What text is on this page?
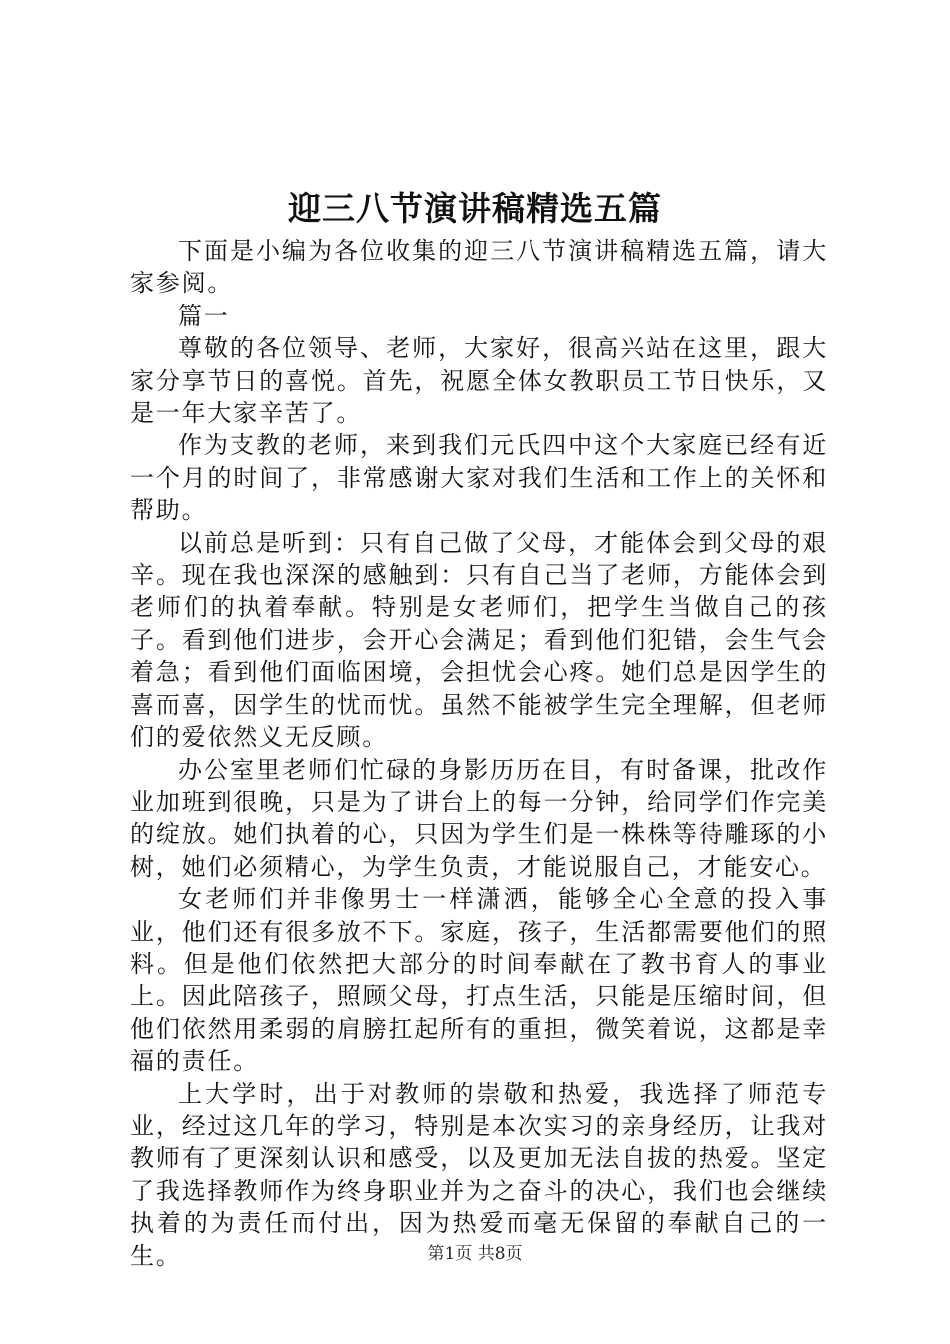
迎三八节演讲稿精选五篇

下面是小编为各位收集的迎三八节演讲稿精选五篇，请大家参阅。

篇一

尊敬的各位领导、老师，大家好，很高兴站在这里，跟大家分享节日的喜悦。首先，祝愿全体女教职员工节日快乐，又是一年大家辛苦了。

作为支教的老师，来到我们元氏四中这个大家庭已经有近一个月的时间了，非常感谢大家对我们生活和工作上的关怀和帮助。

以前总是听到：只有自己做了父母，才能体会到父母的艰辛。现在我也深深的感触到：只有自己当了老师，方能体会到老师们的执着奉献。特别是女老师们，把学生当做自己的孩子。看到他们进步，会开心会满足；看到他们犯错，会生气会着急；看到他们面临困境，会担忧会心疼。她们总是因学生的喜而喜，因学生的忧而忧。虽然不能被学生完全理解，但老师们的爱依然义无反顾。

办公室里老师们忙碌的身影历历在目，有时备课，批改作业加班到很晚，只是为了讲台上的每一分钟，给同学们作完美的绽放。她们执着的心，只因为学生们是一株株等待雕琢的小树，她们必须精心，为学生负责，才能说服自己，才能安心。

女老师们并非像男士一样潇洒，能够全心全意的投入事业，他们还有很多放不下。家庭，孩子，生活都需要他们的照料。但是他们依然把大部分的时间奉献在了教书育人的事业上。因此陪孩子，照顾父母，打点生活，只能是压缩时间，但他们依然用柔弱的肩膀扛起所有的重担，微笑着说，这都是幸福的责任。

上大学时，出于对教师的崇敬和热爱，我选择了师范专业，经过这几年的学习，特别是本次实习的亲身经历，让我对教师有了更深刻认识和感受，以及更加无法自拔的热爱。坚定了我选择教师作为终身职业并为之奋斗的决心，我们也会继续执着的为责任而付出，因为热爱而毫无保留的奉献自己的一生。	第1页 共8页
